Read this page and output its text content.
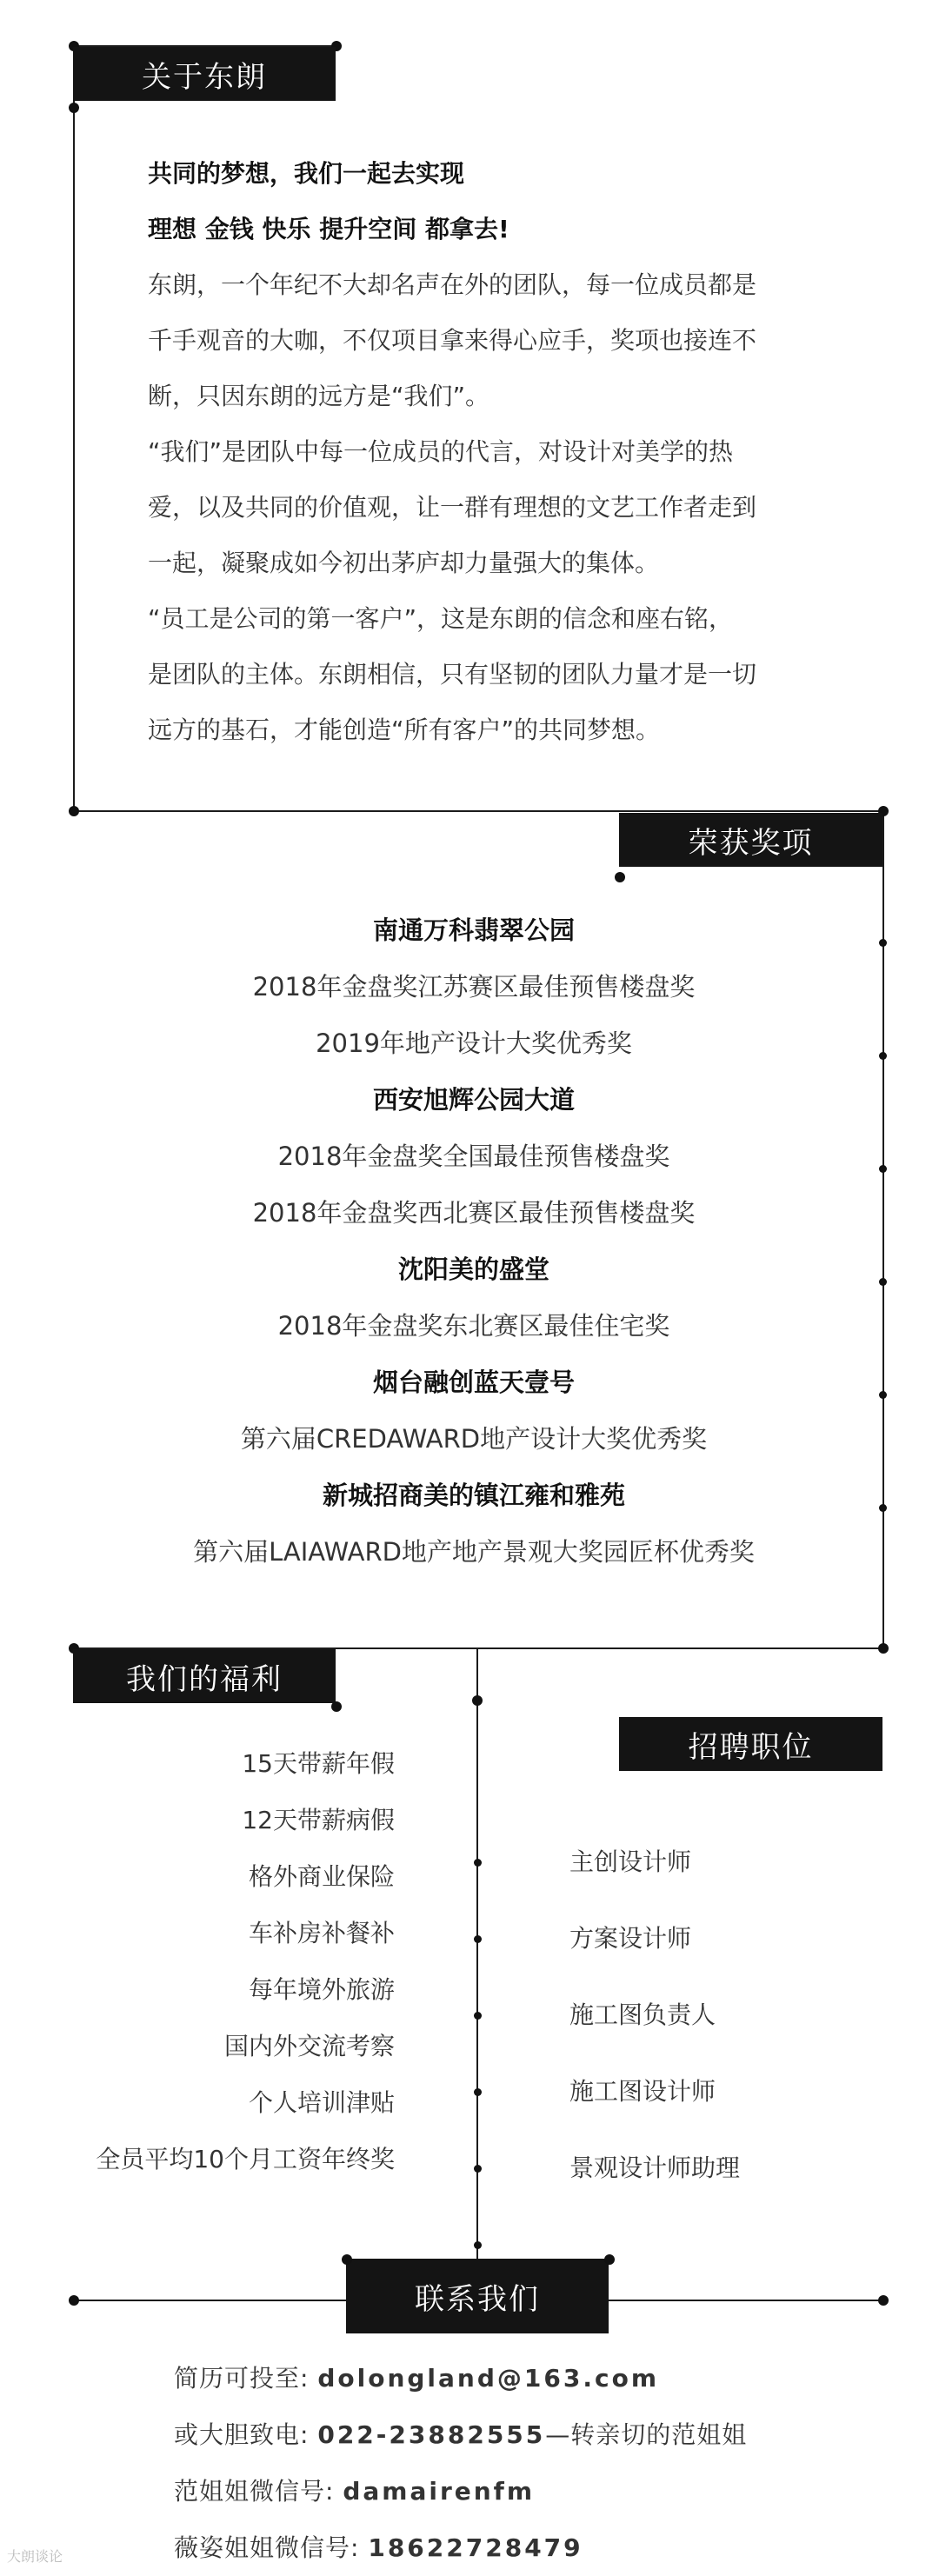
关于东朗

共同的梦想，我们一起去实现

理想 金钱 快乐 提升空间 都拿去!

东朗，一个年纪不大却名声在外的团队，每一位成员都是

千手观音的大咖，不仅项目拿来得心应手，奖项也接连不

断，只因东朗的远方是“我们”。

“我们”是团队中每一位成员的代言，对设计对美学的热

爱，以及共同的价值观，让一群有理想的文艺工作者走到

一起，凝聚成如今初出茅庐却力量强大的集体。

“员工是公司的第一客户”，这是东朗的信念和座右铭，

是团队的主体。东朗相信，只有坚韧的团队力量才是一切

远方的基石，才能创造“所有客户”的共同梦想。

荣获奖项

南通万科翡翠公园

2018年金盘奖江苏赛区最佳预售楼盘奖

2019年地产设计大奖优秀奖

西安旭辉公园大道

2018年金盘奖全国最佳预售楼盘奖

2018年金盘奖西北赛区最佳预售楼盘奖

沈阳美的盛堂

2018年金盘奖东北赛区最佳住宅奖

烟台融创蓝天壹号

第六届CREDAWARD地产设计大奖优秀奖

新城招商美的镇江雍和雅苑

第六届LAIAWARD地产地产景观大奖园匠杯优秀奖

我们的福利
招聘职位

15天带薪年假

12天带薪病假

格外商业保险

车补房补餐补

每年境外旅游

国内外交流考察

个人培训津贴

全员平均10个月工资年终奖

主创设计师

方案设计师

施工图负责人

施工图设计师

景观设计师助理

联系我们

简历可投至: dolongland@163.com

或大胆致电: 022-23882555—转亲切的范姐姐

范姐姐微信号: damairenfm

薇姿姐姐微信号: 18622728479

大朗谈论
